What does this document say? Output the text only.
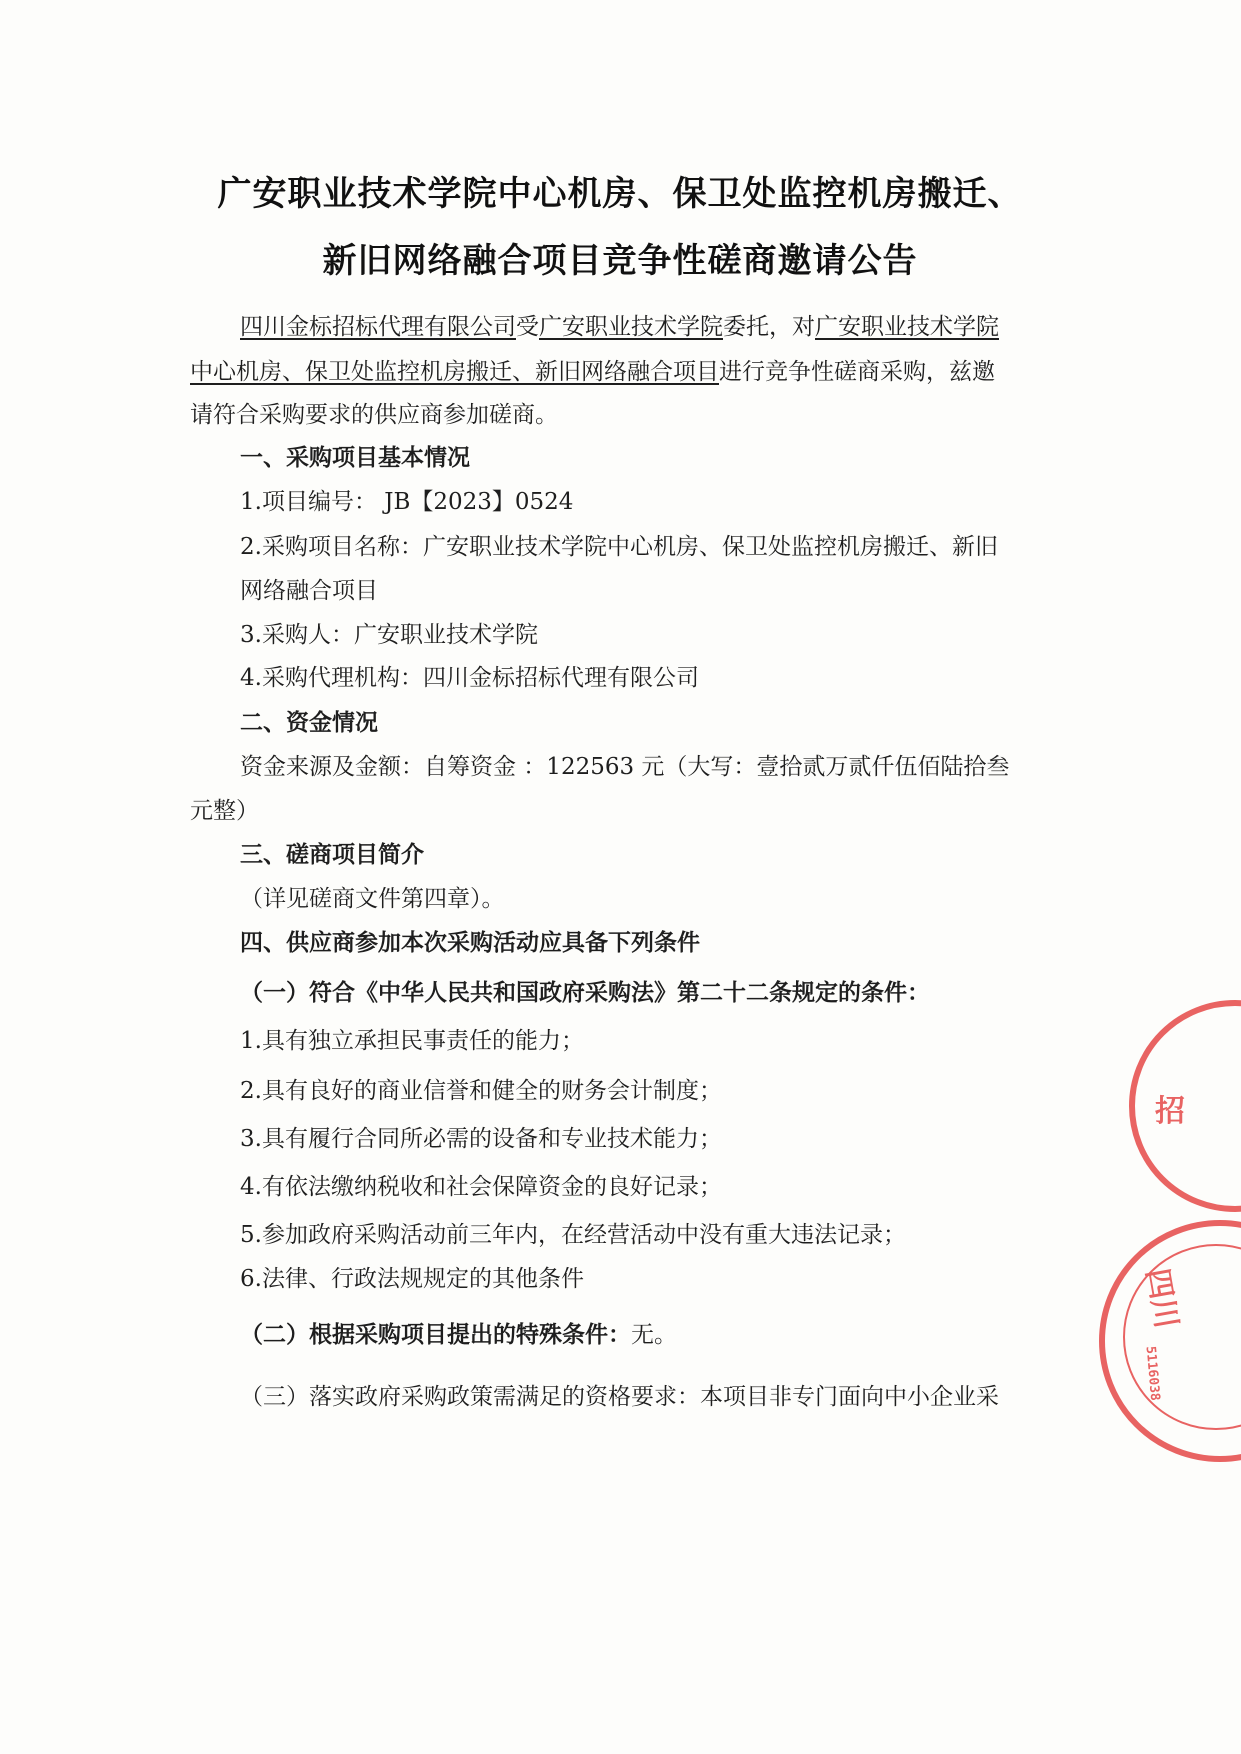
广安职业技术学院中心机房、保卫处监控机房搬迁、
新旧网络融合项目竞争性磋商邀请公告
四川金标招标代理有限公司受广安职业技术学院委托，对广安职业技术学院
中心机房、保卫处监控机房搬迁、新旧网络融合项目进行竞争性磋商采购，兹邀
请符合采购要求的供应商参加磋商。
一、采购项目基本情况
1.项目编号： JB【2023】0524
2.采购项目名称：广安职业技术学院中心机房、保卫处监控机房搬迁、新旧
网络融合项目
3.采购人：广安职业技术学院
4.采购代理机构：四川金标招标代理有限公司
二、资金情况
资金来源及金额：自筹资金 ：122563 元（大写：壹拾贰万贰仟伍佰陆拾叁
元整）
三、磋商项目简介
（详见磋商文件第四章）。
四、供应商参加本次采购活动应具备下列条件
（一）符合《中华人民共和国政府采购法》第二十二条规定的条件：
1.具有独立承担民事责任的能力；
2.具有良好的商业信誉和健全的财务会计制度；
3.具有履行合同所必需的设备和专业技术能力；
4.有依法缴纳税收和社会保障资金的良好记录；
5.参加政府采购活动前三年内，在经营活动中没有重大违法记录；
6.法律、行政法规规定的其他条件
（二）根据采购项目提出的特殊条件：无。
（三）落实政府采购政策需满足的资格要求：本项目非专门面向中小企业采
招
四川
5116038
